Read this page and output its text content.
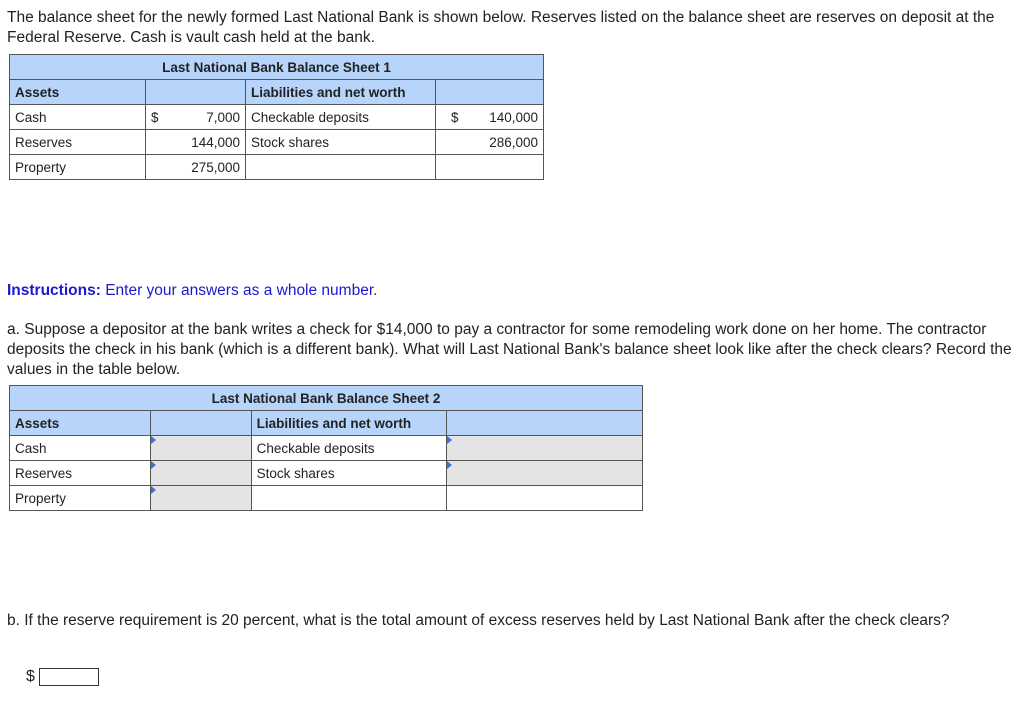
The balance sheet for the newly formed Last National Bank is shown below. Reserves listed on the balance sheet are reserves on deposit at the Federal Reserve. Cash is vault cash held at the bank.

Last National Bank Balance Sheet 1			
Assets		Liabilities and net worth	
Cash	$ 7,000	Checkable deposits	$ 140,000

Reserves	144,000	Stock shares	286,000
Property	275,000		

Instructions: Enter your answers as a whole number.

a. Suppose a depositor at the bank writes a check for $14,000 to pay a contractor for some remodeling work done on her home. The contractor deposits the check in his bank (which is a different bank). What will Last National Bank's balance sheet look like after the check clears? Record the values in the table below.

Last National Bank Balance Sheet 2			
Assets		Liabilities and net worth	
Cash		Checkable deposits	

Reserves		Stock shares	

Property	

b. If the reserve requirement is 20 percent, what is the total amount of excess reserves held by Last National Bank after the check clears?

$
